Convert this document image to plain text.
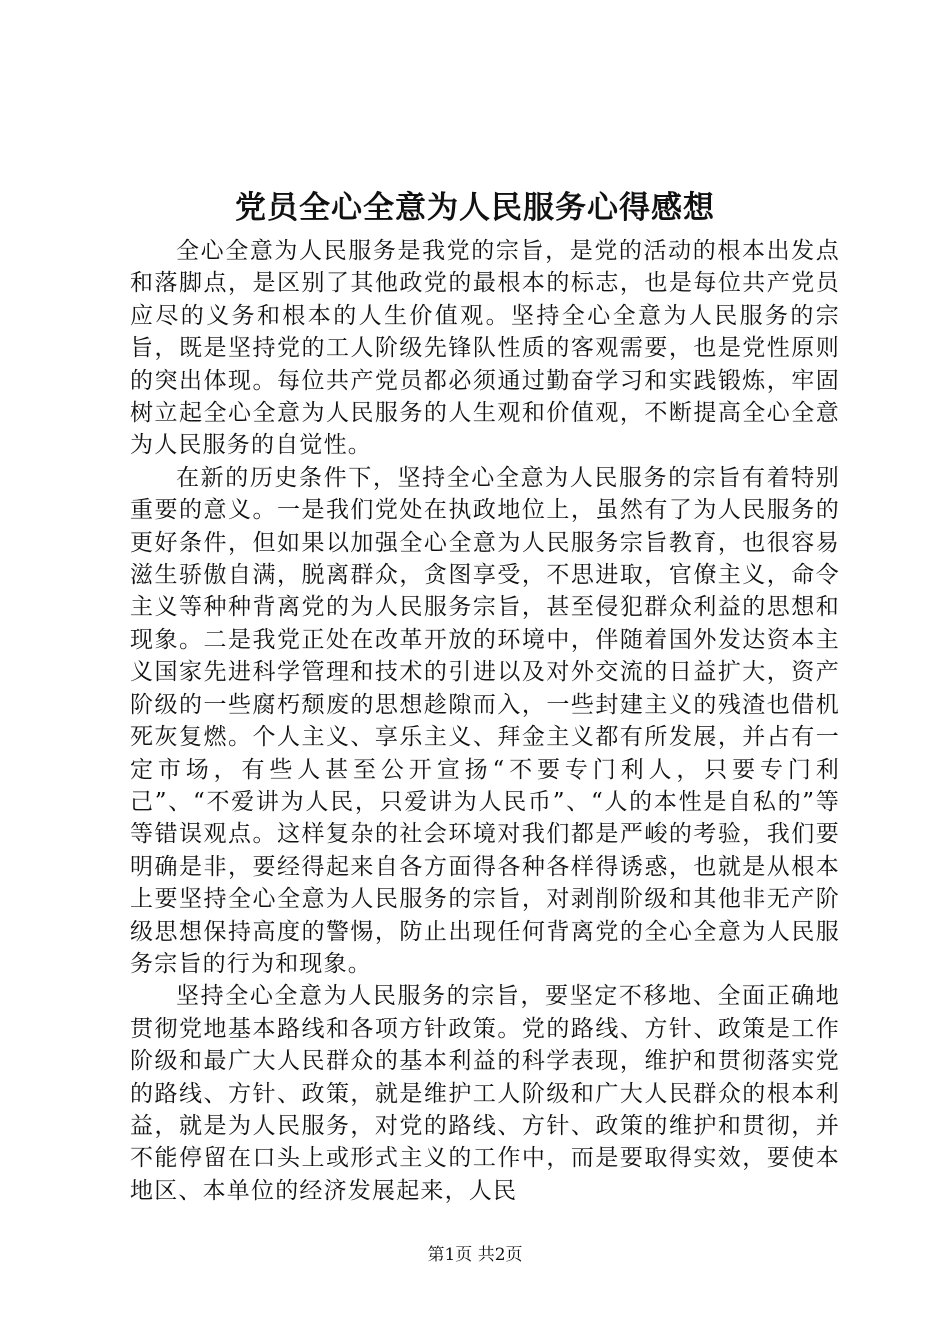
党员全心全意为人民服务心得感想

全心全意为人民服务是我党的宗旨，是党的活动的根本出发点和落脚点，是区别了其他政党的最根本的标志，也是每位共产党员应尽的义务和根本的人生价值观。坚持全心全意为人民服务的宗旨，既是坚持党的工人阶级先锋队性质的客观需要，也是党性原则的突出体现。每位共产党员都必须通过勤奋学习和实践锻炼，牢固树立起全心全意为人民服务的人生观和价值观，不断提高全心全意为人民服务的自觉性。

在新的历史条件下，坚持全心全意为人民服务的宗旨有着特别重要的意义。一是我们党处在执政地位上，虽然有了为人民服务的更好条件，但如果以加强全心全意为人民服务宗旨教育，也很容易滋生骄傲自满，脱离群众，贪图享受，不思进取，官僚主义，命令主义等种种背离党的为人民服务宗旨，甚至侵犯群众利益的思想和现象。二是我党正处在改革开放的环境中，伴随着国外发达资本主义国家先进科学管理和技术的引进以及对外交流的日益扩大，资产阶级的一些腐朽颓废的思想趁隙而入，一些封建主义的残渣也借机死灰复燃。个人主义、享乐主义、拜金主义都有所发展，并占有一定市场，有些人甚至公开宣扬“不要专门利人，只要专门利己”、“不爱讲为人民，只爱讲为人民币”、“人的本性是自私的”等等错误观点。这样复杂的社会环境对我们都是严峻的考验，我们要明确是非，要经得起来自各方面得各种各样得诱惑，也就是从根本上要坚持全心全意为人民服务的宗旨，对剥削阶级和其他非无产阶级思想保持高度的警惕，防止出现任何背离党的全心全意为人民服务宗旨的行为和现象。

坚持全心全意为人民服务的宗旨，要坚定不移地、全面正确地贯彻党地基本路线和各项方针政策。党的路线、方针、政策是工作阶级和最广大人民群众的基本利益的科学表现，维护和贯彻落实党的路线、方针、政策，就是维护工人阶级和广大人民群众的根本利益，就是为人民服务，对党的路线、方针、政策的维护和贯彻，并不能停留在口头上或形式主义的工作中，而是要取得实效，要使本地区、本单位的经济发展起来，人民

第1页 共2页
